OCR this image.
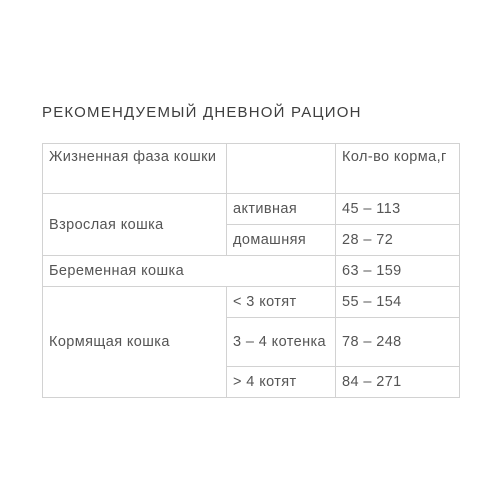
РЕКОМЕНДУЕМЫЙ ДНЕВНОЙ РАЦИОН
Жизненная фаза кошки		Кол-во корма,г
Взрослая кошка	активная	45 – 113
	домашняя	28 – 72
Беременная кошка		63 – 159
Кормящая кошка	< 3 котят	55 – 154
	3 – 4 котенка	78 – 248
	> 4 котят	84 – 271
